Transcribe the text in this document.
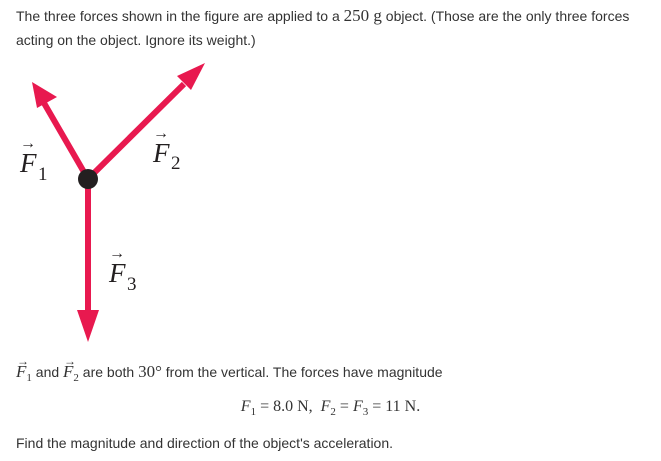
The three forces shown in the figure are applied to a 250 g object. (Those are the only three forces acting on the object. Ignore its weight.)
→
F 1
→
F 2
→
F 3
→ $F_1$ and → $F_2$ are both 30° from the vertical. The forces have magnitude
$F_1 = 8.0$ N, $F_2 = F_3 = 11$ N.
Find the magnitude and direction of the object's acceleration.
